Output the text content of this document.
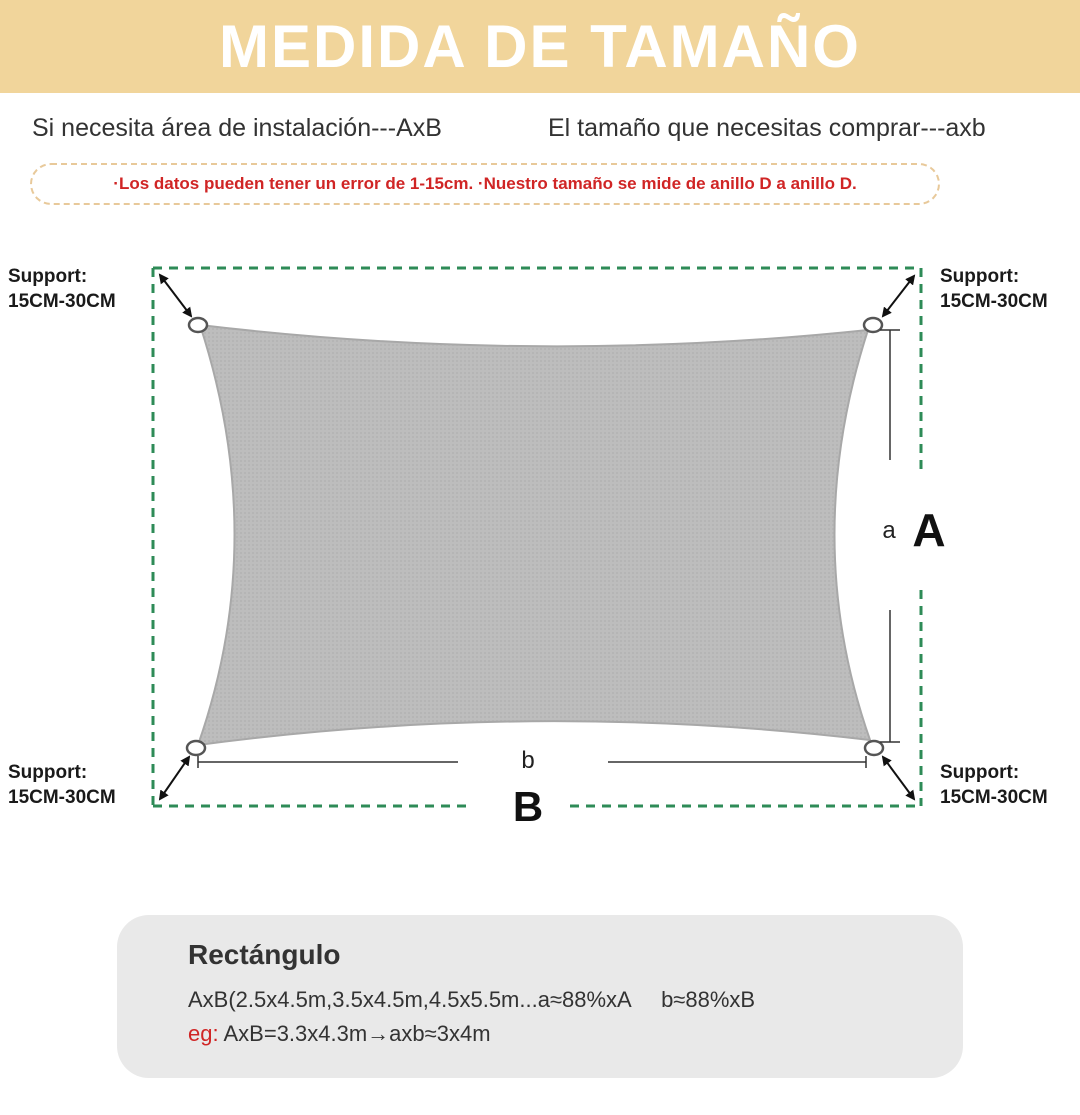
MEDIDA DE TAMAÑO
Si necesita área de instalación---AxB	El tamaño que necesitas comprar---axb
·Los datos pueden tener un error de 1-15cm. ·Nuestro tamaño se mide de anillo D a anillo D.
a A
b
B
Support:
15CM-30CM
Support:
15CM-30CM
Support:
15CM-30CM
Support:
15CM-30CM
Rectángulo
AxB(2.5x4.5m,3.5x4.5m,4.5x5.5m...a≈88%xA     b≈88%xB
eg: AxB=3.3x4.3m→axb≈3x4m
